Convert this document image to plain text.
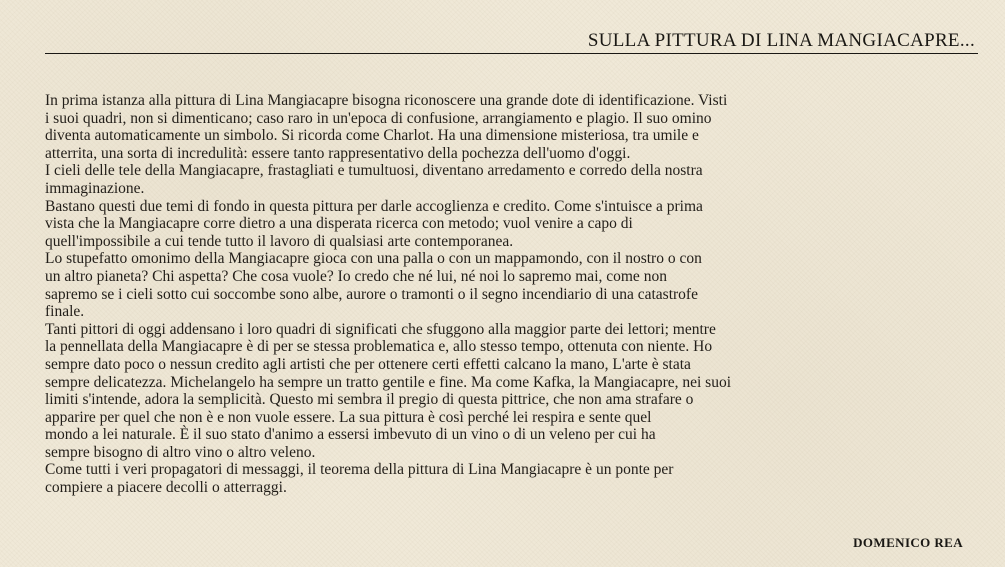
SULLA PITTURA DI LINA MANGIACAPRE...
In prima istanza alla pittura di Lina Mangiacapre bisogna riconoscere una grande dote di identificazione. Visti
i suoi quadri, non si dimenticano; caso raro in un'epoca di confusione, arrangiamento e plagio. Il suo omino
diventa automaticamente un simbolo. Si ricorda come Charlot. Ha una dimensione misteriosa, tra umile e
atterrita, una sorta di incredulità: essere tanto rappresentativo della pochezza dell'uomo d'oggi.
I cieli delle tele della Mangiacapre, frastagliati e tumultuosi, diventano arredamento e corredo della nostra
immaginazione.
Bastano questi due temi di fondo in questa pittura per darle accoglienza e credito. Come s'intuisce a prima
vista che la Mangiacapre corre dietro a una disperata ricerca con metodo; vuol venire a capo di
quell'impossibile a cui tende tutto il lavoro di qualsiasi arte contemporanea.
Lo stupefatto omonimo della Mangiacapre gioca con una palla o con un mappamondo, con il nostro o con
un altro pianeta? Chi aspetta? Che cosa vuole? Io credo che né lui, né noi lo sapremo mai, come non
sapremo se i cieli sotto cui soccombe sono albe, aurore o tramonti o il segno incendiario di una catastrofe
finale.
Tanti pittori di oggi addensano i loro quadri di significati che sfuggono alla maggior parte dei lettori; mentre
la pennellata della Mangiacapre è di per se stessa problematica e, allo stesso tempo, ottenuta con niente. Ho
sempre dato poco o nessun credito agli artisti che per ottenere certi effetti calcano la mano, L'arte è stata
sempre delicatezza. Michelangelo ha sempre un tratto gentile e fine. Ma come Kafka, la Mangiacapre, nei suoi
limiti s'intende, adora la semplicità. Questo mi sembra il pregio di questa pittrice, che non ama strafare o
apparire per quel che non è e non vuole essere. La sua pittura è così perché lei respira e sente quel
mondo a lei naturale. È il suo stato d'animo a essersi imbevuto di un vino o di un veleno per cui ha
sempre bisogno di altro vino o altro veleno.
Come tutti i veri propagatori di messaggi, il teorema della pittura di Lina Mangiacapre è un ponte per
compiere a piacere decolli o atterraggi.
DOMENICO REA
